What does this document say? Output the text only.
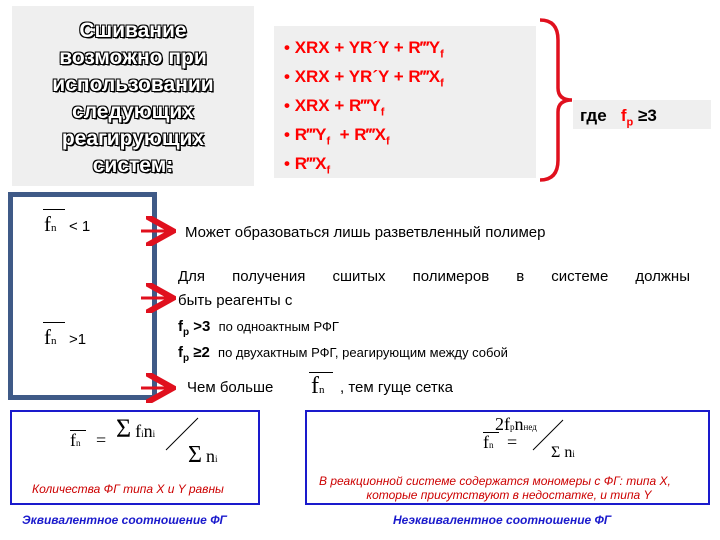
Сшивание
возможно при
использовании
следующих
реагирующих
систем:
• XRX + YR´Y + $R‴Y_f$
• XRX + YR´Y + $R‴X_f$
• XRX + $R‴Y_f$
• $R‴Y_f$  + $R‴X_f$
• $R‴X_f$
где $f_р \ge 3$
fn < 1
fn >1
Может образоваться лишь разветвленный полимер
Для получения сшитых полимеров в системе должны
быть реагенты с
$f_р >3$ по одноактным РФГ
$f_р \ge 2$ по двухактным РФГ, реагирующим между собой
Чем больше fn , тем гуще сетка
fn = Σ fini
Σ ni
Количества ФГ типа X и Y равны
Эквивалентное соотношение ФГ
fn =
2fрnнед
Σ ni
В реакционной системе содержатся мономеры с ФГ: типа X,
которые присутствуют в недостатке, и типа Y
Неэквивалентное соотношение ФГ
